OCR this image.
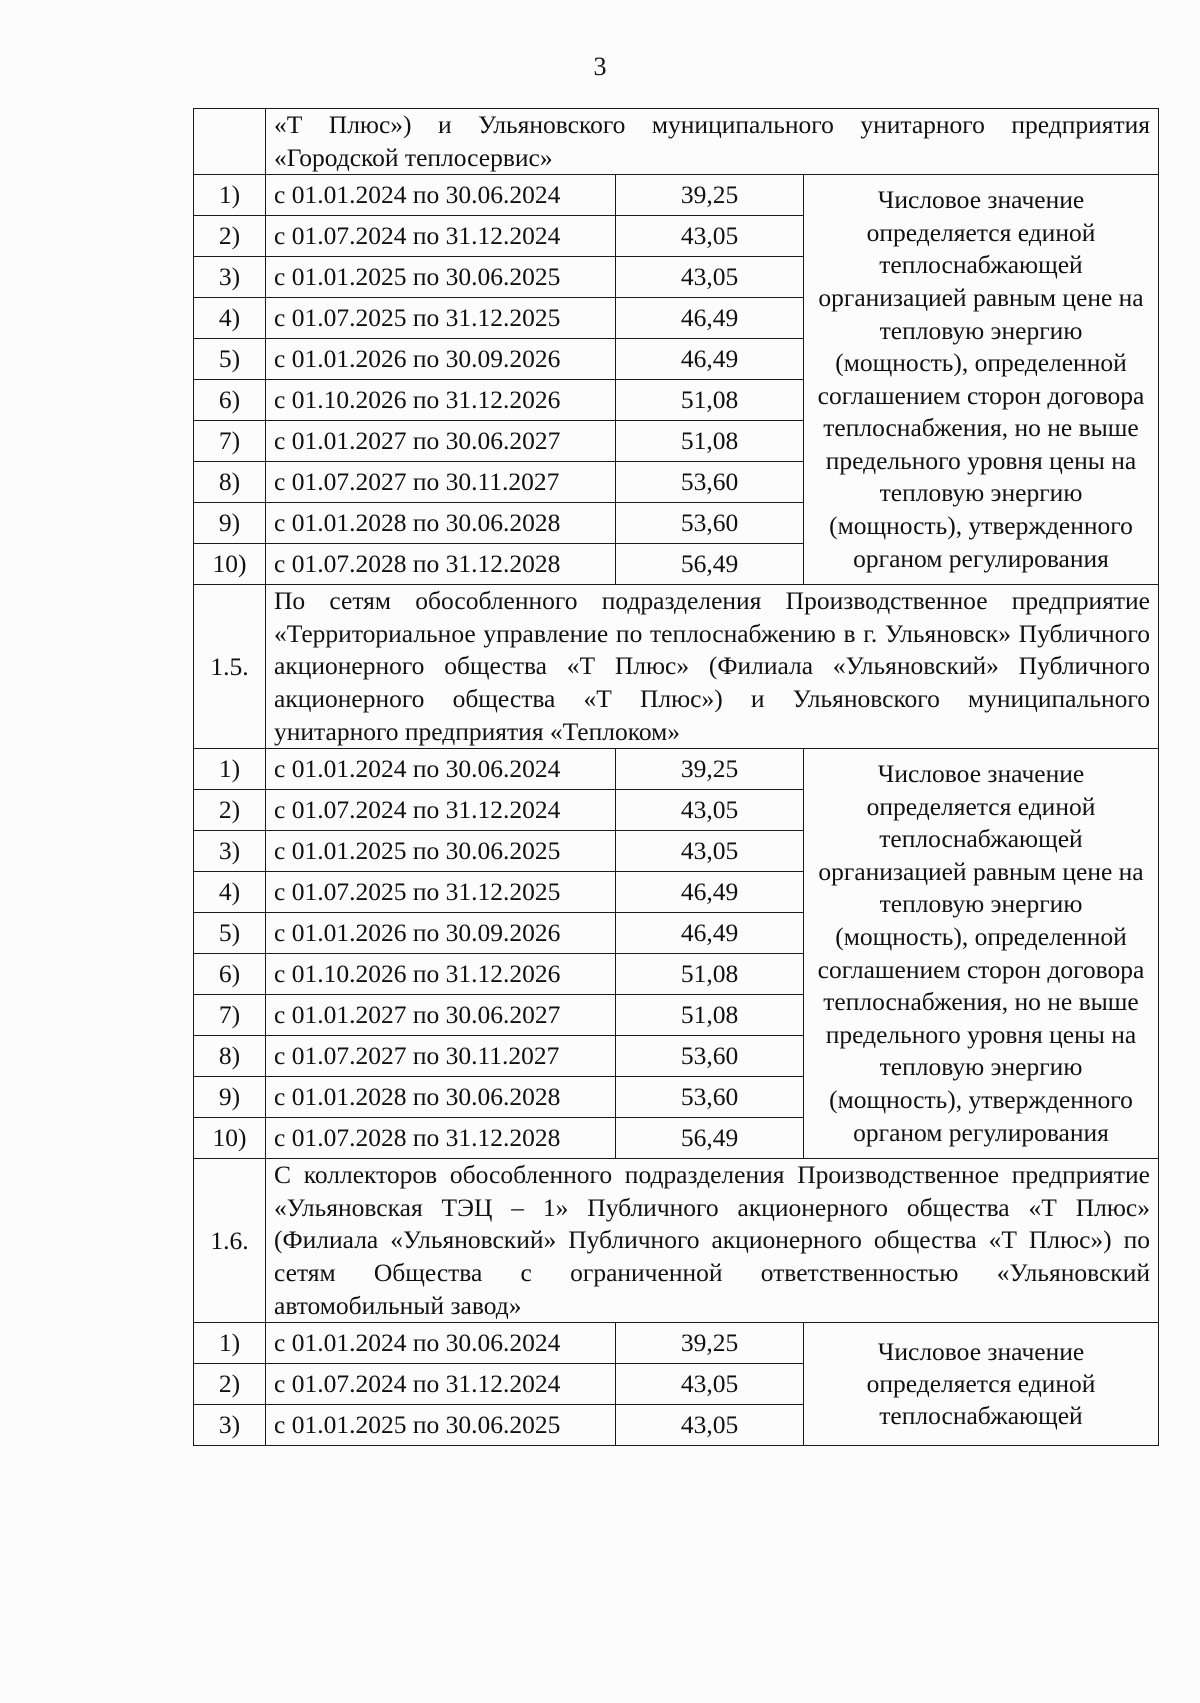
3
	«Т Плюс») и Ульяновского муниципального унитарного предприятия «Городской теплосервис»		
1)	с 01.01.2024 по 30.06.2024	39,25	Числовое значение определяется единой теплоснабжающей организацией равным цене на тепловую энергию (мощность), определенной соглашением сторон договора теплоснабжения, но не выше предельного уровня цены на тепловую энергию (мощность), утвержденного органом регулирования
2)	с 01.07.2024 по 31.12.2024	43,05	
3)	с 01.01.2025 по 30.06.2025	43,05	
4)	с 01.07.2025 по 31.12.2025	46,49	
5)	с 01.01.2026 по 30.09.2026	46,49	
6)	с 01.10.2026 по 31.12.2026	51,08	
7)	с 01.01.2027 по 30.06.2027	51,08	
8)	с 01.07.2027 по 30.11.2027	53,60	
9)	с 01.01.2028 по 30.06.2028	53,60	
10)	с 01.07.2028 по 31.12.2028	56,49	
1.5.	По сетям обособленного подразделения Производственное предприятие «Территориальное управление по теплоснабжению в г. Ульяновск» Публичного акционерного общества «Т Плюс» (Филиала «Ульяновский» Публичного акционерного общества «Т Плюс») и Ульяновского муниципального унитарного предприятия «Теплоком»		
1)	с 01.01.2024 по 30.06.2024	39,25	Числовое значение определяется единой теплоснабжающей организацией равным цене на тепловую энергию (мощность), определенной соглашением сторон договора теплоснабжения, но не выше предельного уровня цены на тепловую энергию (мощность), утвержденного органом регулирования
2)	с 01.07.2024 по 31.12.2024	43,05	
3)	с 01.01.2025 по 30.06.2025	43,05	
4)	с 01.07.2025 по 31.12.2025	46,49	
5)	с 01.01.2026 по 30.09.2026	46,49	
6)	с 01.10.2026 по 31.12.2026	51,08	
7)	с 01.01.2027 по 30.06.2027	51,08	
8)	с 01.07.2027 по 30.11.2027	53,60	
9)	с 01.01.2028 по 30.06.2028	53,60	
10)	с 01.07.2028 по 31.12.2028	56,49	
1.6.	С коллекторов обособленного подразделения Производственное предприятие «Ульяновская ТЭЦ – 1» Публичного акционерного общества «Т Плюс» (Филиала «Ульяновский» Публичного акционерного общества «Т Плюс») по сетям Общества с ограниченной ответственностью «Ульяновский автомобильный завод»		
1)	с 01.01.2024 по 30.06.2024	39,25	Числовое значение определяется единой теплоснабжающей
2)	с 01.07.2024 по 31.12.2024	43,05	
3)	с 01.01.2025 по 30.06.2025	43,05	
